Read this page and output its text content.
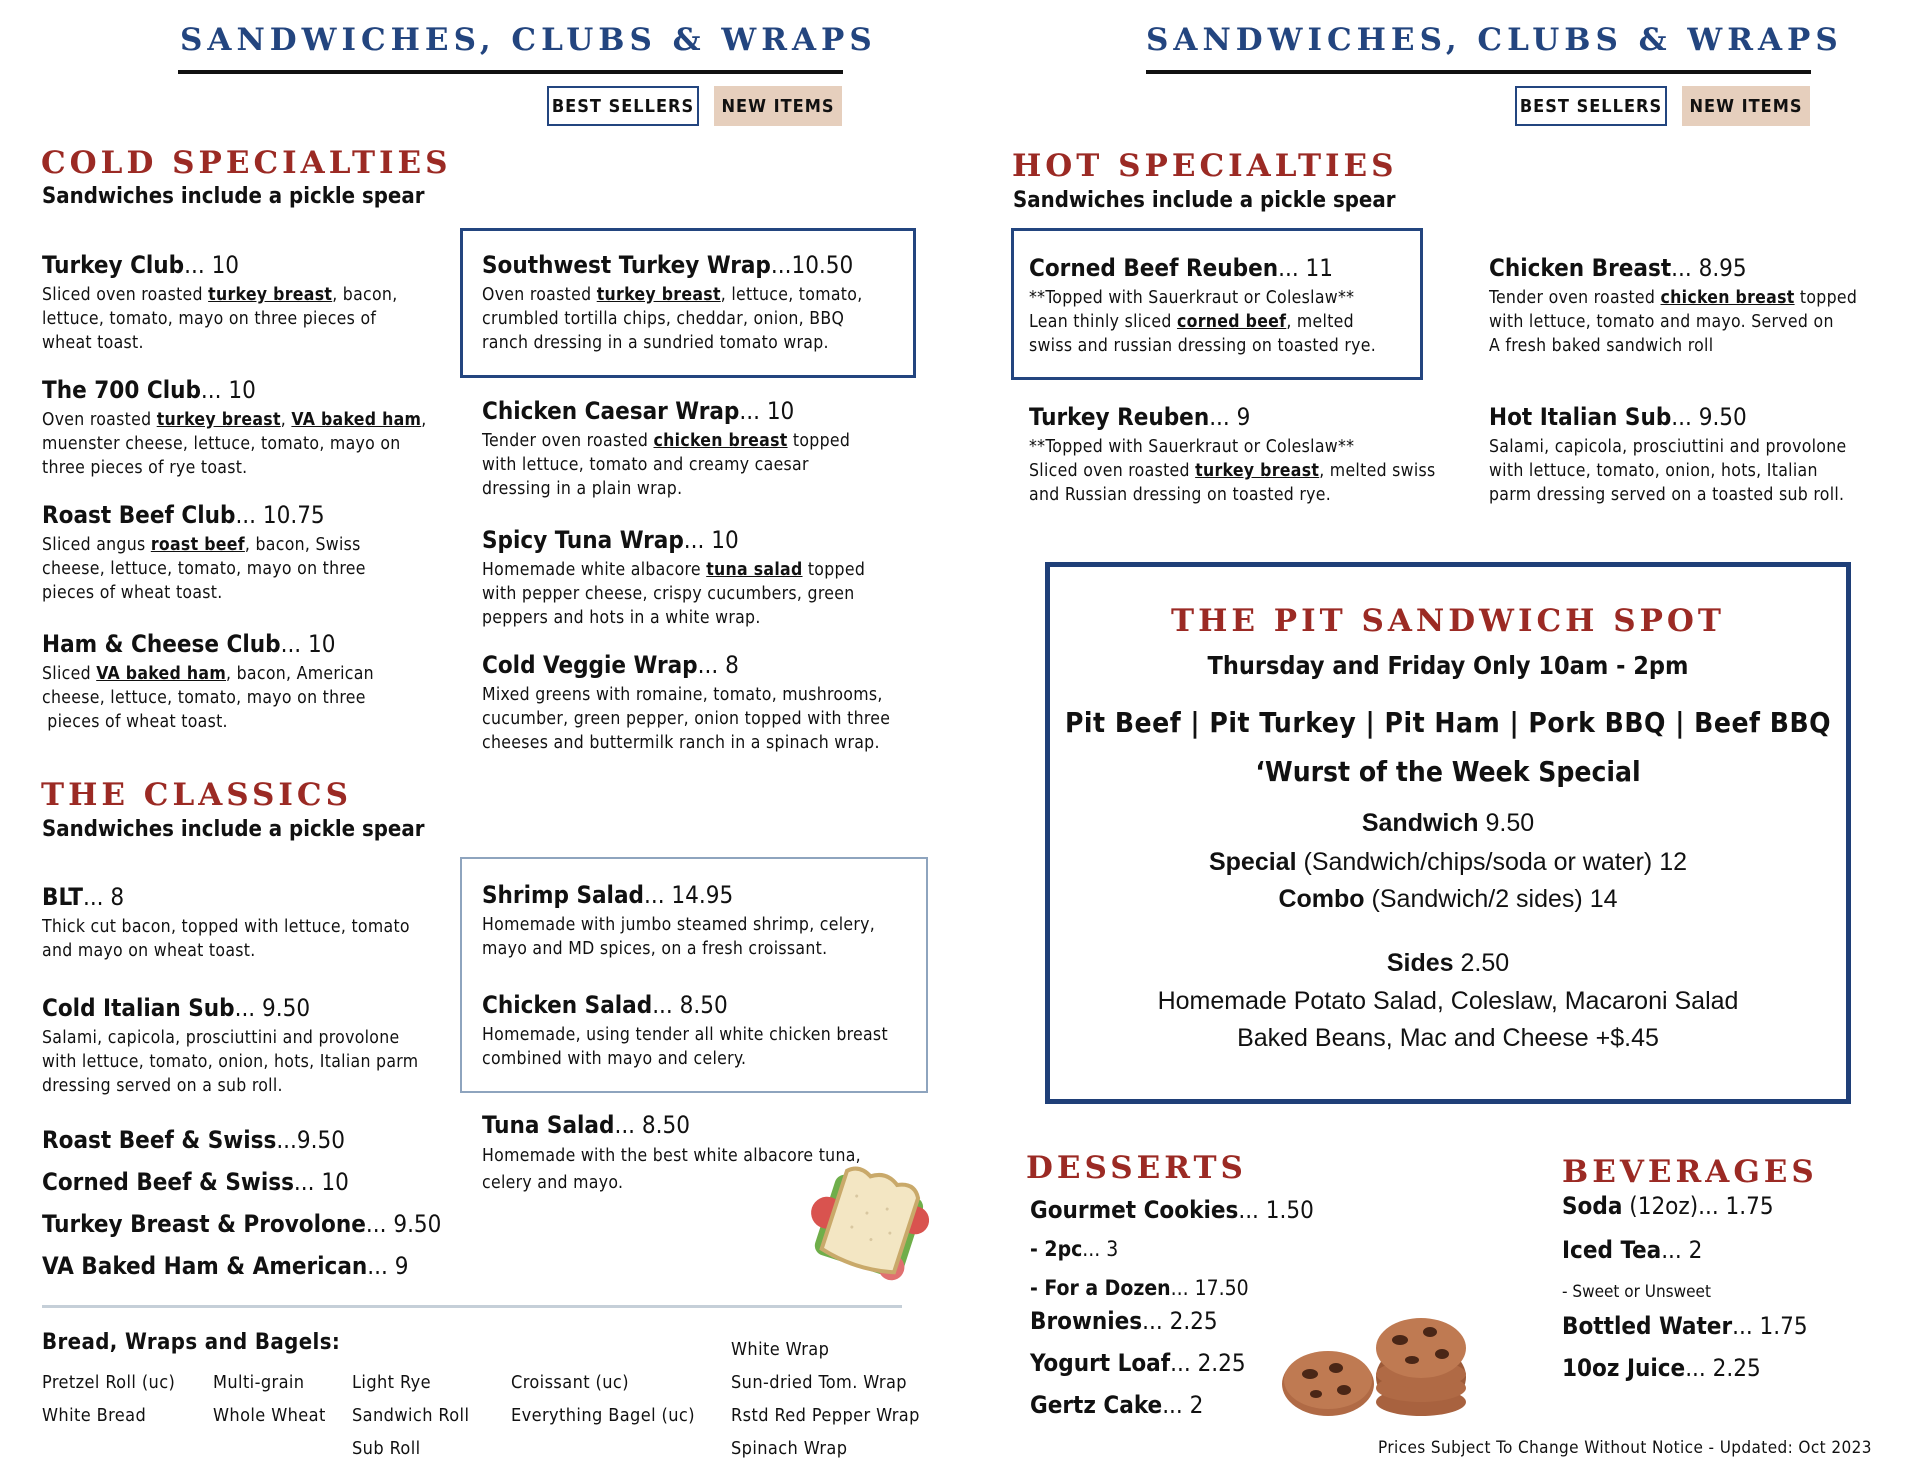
SANDWICHES, CLUBS & WRAPS
BEST SELLERS	NEW ITEMS
COLD SPECIALTIES
Sandwiches include a pickle spear
Turkey Club... 10
Sliced oven roasted turkey breast, bacon,
lettuce, tomato, mayo on three pieces of
wheat toast.
The 700 Club... 10
Oven roasted turkey breast, VA baked ham,
muenster cheese, lettuce, tomato, mayo on
three pieces of rye toast.
Roast Beef Club... 10.75
Sliced angus roast beef, bacon, Swiss
cheese, lettuce, tomato, mayo on three
pieces of wheat toast.
Ham & Cheese Club... 10
Sliced VA baked ham, bacon, American
cheese, lettuce, tomato, mayo on three
pieces of wheat toast.
Southwest Turkey Wrap...10.50
Oven roasted turkey breast, lettuce, tomato,
crumbled tortilla chips, cheddar, onion, BBQ
ranch dressing in a sundried tomato wrap.
Chicken Caesar Wrap... 10
Tender oven roasted chicken breast topped
with lettuce, tomato and creamy caesar
dressing in a plain wrap.
Spicy Tuna Wrap... 10
Homemade white albacore tuna salad topped
with pepper cheese, crispy cucumbers, green
peppers and hots in a white wrap.
Cold Veggie Wrap... 8
Mixed greens with romaine, tomato, mushrooms,
cucumber, green pepper, onion topped with three
cheeses and buttermilk ranch in a spinach wrap.
THE CLASSICS
Sandwiches include a pickle spear
BLT... 8
Thick cut bacon, topped with lettuce, tomato
and mayo on wheat toast.
Cold Italian Sub... 9.50
Salami, capicola, prosciuttini and provolone
with lettuce, tomato, onion, hots, Italian parm
dressing served on a sub roll.
Roast Beef & Swiss...9.50
Corned Beef & Swiss... 10
Turkey Breast & Provolone... 9.50
VA Baked Ham & American... 9
Shrimp Salad... 14.95
Homemade with jumbo steamed shrimp, celery,
mayo and MD spices, on a fresh croissant.
Chicken Salad... 8.50
Homemade, using tender all white chicken breast
combined with mayo and celery.
Tuna Salad... 8.50
Homemade with the best white albacore tuna,
celery and mayo.
Bread, Wraps and Bagels:
Pretzel Roll (uc)
White Bread
Multi-grain
Whole Wheat
Light Rye
Sandwich Roll
Sub Roll
Croissant (uc)
Everything Bagel (uc)
White Wrap
Sun-dried Tom. Wrap
Rstd Red Pepper Wrap
Spinach Wrap
SANDWICHES, CLUBS & WRAPS
BEST SELLERS	NEW ITEMS
HOT SPECIALTIES
Sandwiches include a pickle spear
Corned Beef Reuben... 11
**Topped with Sauerkraut or Coleslaw**
Lean thinly sliced corned beef, melted
swiss and russian dressing on toasted rye.
Chicken Breast... 8.95
Tender oven roasted chicken breast topped
with lettuce, tomato and mayo. Served on
A fresh baked sandwich roll
Turkey Reuben... 9
**Topped with Sauerkraut or Coleslaw**
Sliced oven roasted turkey breast, melted swiss
and Russian dressing on toasted rye.
Hot Italian Sub... 9.50
Salami, capicola, prosciuttini and provolone
with lettuce, tomato, onion, hots, Italian
parm dressing served on a toasted sub roll.
THE PIT SANDWICH SPOT
Thursday and Friday Only 10am - 2pm
Pit Beef | Pit Turkey | Pit Ham | Pork BBQ | Beef BBQ
‘Wurst of the Week Special
Sandwich 9.50
Special (Sandwich/chips/soda or water) 12
Combo (Sandwich/2 sides) 14
Sides 2.50
Homemade Potato Salad, Coleslaw, Macaroni Salad
Baked Beans, Mac and Cheese +$.45
DESSERTS
Gourmet Cookies... 1.50
- 2pc... 3
- For a Dozen... 17.50
Brownies... 2.25
Yogurt Loaf... 2.25
Gertz Cake... 2
BEVERAGES
Soda (12oz)... 1.75
Iced Tea... 2
- Sweet or Unsweet
Bottled Water... 1.75
10oz Juice... 2.25
Prices Subject To Change Without Notice - Updated: Oct 2023
